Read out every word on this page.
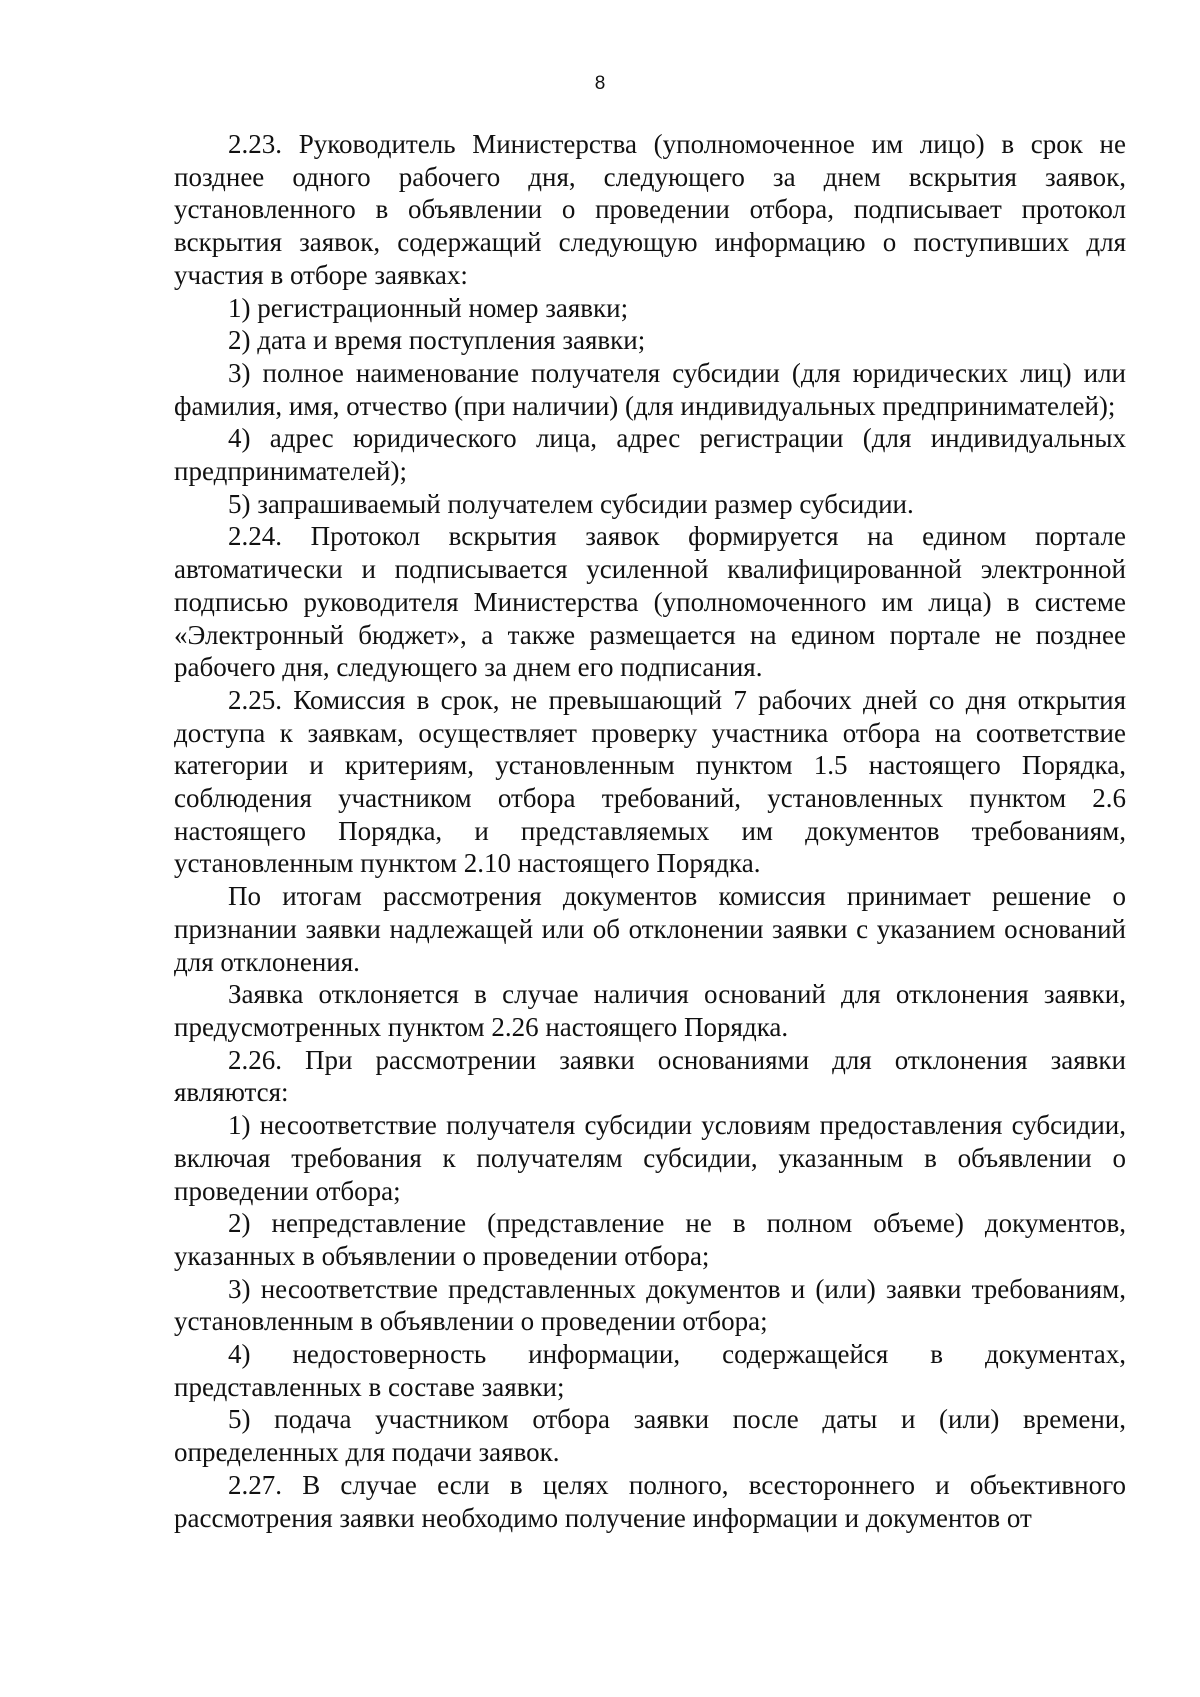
8

2.23. Руководитель Министерства (уполномоченное им лицо) в срок не позднее одного рабочего дня, следующего за днем вскрытия заявок, установленного в объявлении о проведении отбора, подписывает протокол вскрытия заявок, содержащий следующую информацию о поступивших для участия в отборе заявках:

1) регистрационный номер заявки;

2) дата и время поступления заявки;

3) полное наименование получателя субсидии (для юридических лиц) или фамилия, имя, отчество (при наличии) (для индивидуальных предпринимателей);

4) адрес юридического лица, адрес регистрации (для индивидуальных предпринимателей);

5) запрашиваемый получателем субсидии размер субсидии.

2.24. Протокол вскрытия заявок формируется на едином портале автоматически и подписывается усиленной квалифицированной электронной подписью руководителя Министерства (уполномоченного им лица) в системе «Электронный бюджет», а также размещается на едином портале не позднее рабочего дня, следующего за днем его подписания.

2.25. Комиссия в срок, не превышающий 7 рабочих дней со дня открытия доступа к заявкам, осуществляет проверку участника отбора на соответствие категории и критериям, установленным пунктом 1.5 настоящего Порядка, соблюдения участником отбора требований, установленных пунктом 2.6 настоящего Порядка, и представляемых им документов требованиям, установленным пунктом 2.10 настоящего Порядка.

По итогам рассмотрения документов комиссия принимает решение о признании заявки надлежащей или об отклонении заявки с указанием оснований для отклонения.

Заявка отклоняется в случае наличия оснований для отклонения заявки, предусмотренных пунктом 2.26 настоящего Порядка.

2.26. При рассмотрении заявки основаниями для отклонения заявки являются:

1) несоответствие получателя субсидии условиям предоставления субсидии, включая требования к получателям субсидии, указанным в объявлении о проведении отбора;

2) непредставление (представление не в полном объеме) документов, указанных в объявлении о проведении отбора;

3) несоответствие представленных документов и (или) заявки требованиям, установленным в объявлении о проведении отбора;

4) недостоверность информации, содержащейся в документах, представленных в составе заявки;

5) подача участником отбора заявки после даты и (или) времени, определенных для подачи заявок.

2.27. В случае если в целях полного, всестороннего и объективного рассмотрения заявки необходимо получение информации и документов от
